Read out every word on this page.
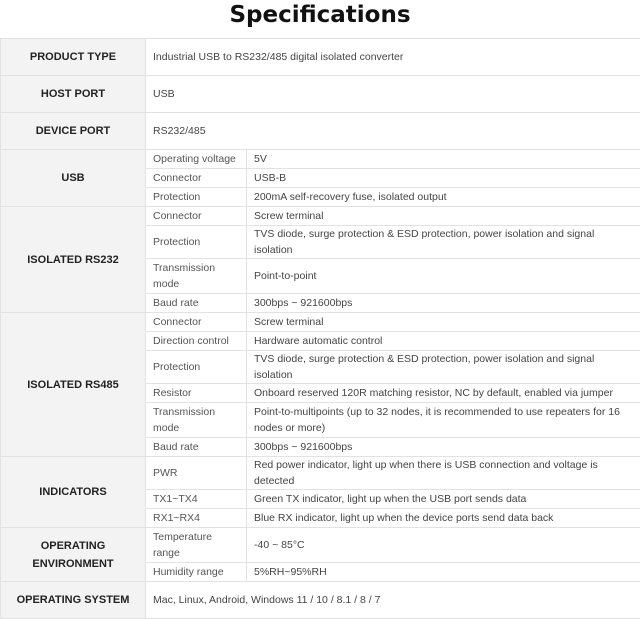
Specifications
PRODUCT TYPE	Industrial USB to RS232/485 digital isolated converter	
HOST PORT	USB	
DEVICE PORT	RS232/485	
USB	Operating voltage	5V
	Connector	USB-B
	Protection	200mA self-recovery fuse, isolated output
ISOLATED RS232	Connector	Screw terminal
	Protection	TVS diode, surge protection & ESD protection, power isolation and signal isolation
	Transmission mode	Point-to-point
	Baud rate	300bps ~ 921600bps
ISOLATED RS485	Connector	Screw terminal
	Direction control	Hardware automatic control
	Protection	TVS diode, surge protection & ESD protection, power isolation and signal isolation
	Resistor	Onboard reserved 120R matching resistor, NC by default, enabled via jumper
	Transmission mode	Point-to-multipoints (up to 32 nodes, it is recommended to use repeaters for 16 nodes or more)
	Baud rate	300bps ~ 921600bps
INDICATORS	PWR	Red power indicator, light up when there is USB connection and voltage is detected
	TX1~TX4	Green TX indicator, light up when the USB port sends data
	RX1~RX4	Blue RX indicator, light up when the device ports send data back
OPERATING ENVIRONMENT	Temperature range	-40 ~ 85°C
	Humidity range	5%RH~95%RH
OPERATING SYSTEM	Mac, Linux, Android, Windows 11 / 10 / 8.1 / 8 / 7	
